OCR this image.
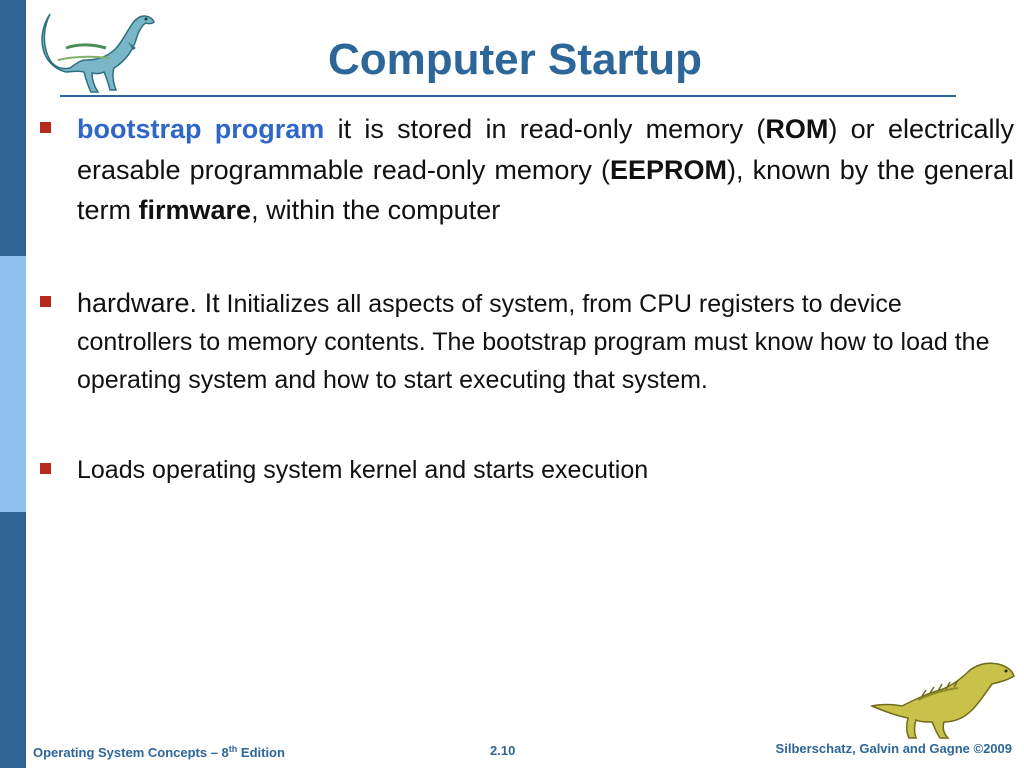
Computer Startup
bootstrap program it is stored in read-only memory (ROM) or electrically erasable programmable read-only memory (EEPROM), known by the general term firmware, within the computer
hardware. It Initializes all aspects of system, from CPU registers to device controllers to memory contents. The bootstrap program must know how to load the operating system and how to start executing that system.
Loads operating system kernel and starts execution
Operating System Concepts – 8th Edition	2.10	Silberschatz, Galvin and Gagne ©2009
